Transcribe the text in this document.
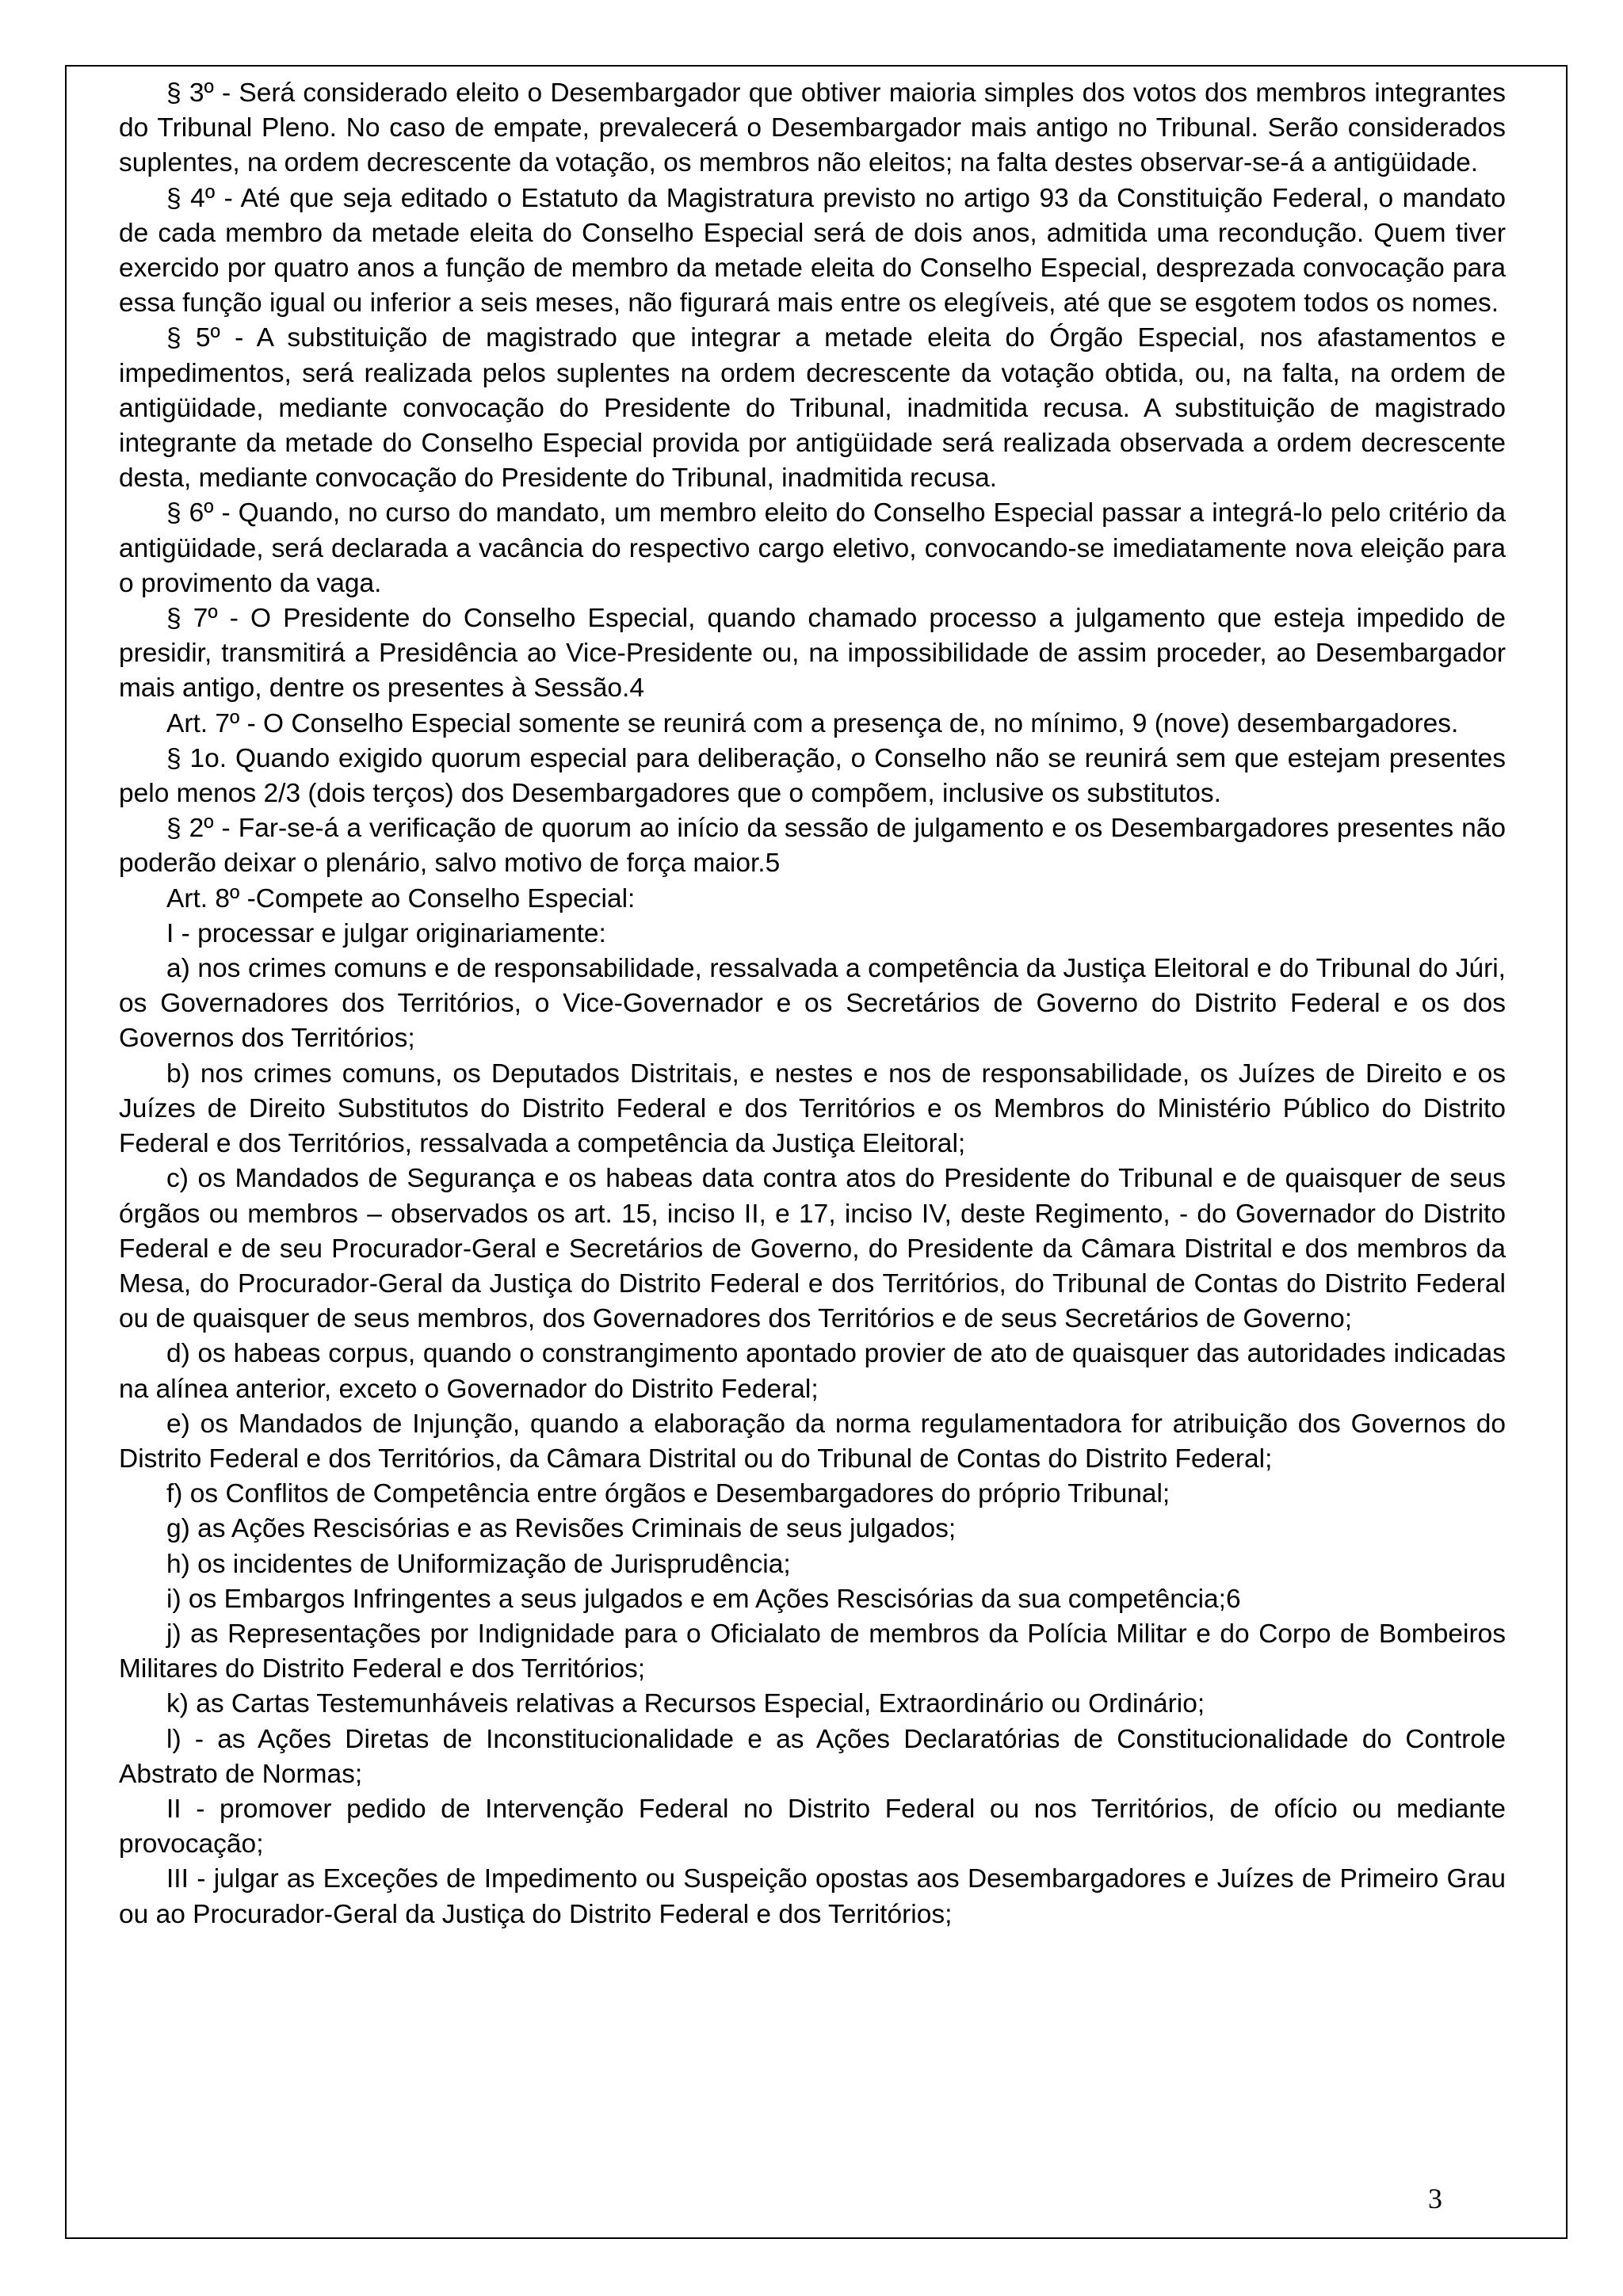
§ 3º - Será considerado eleito o Desembargador que obtiver maioria simples dos votos dos membros integrantes do Tribunal Pleno. No caso de empate, prevalecerá o Desembargador mais antigo no Tribunal. Serão considerados suplentes, na ordem decrescente da votação, os membros não eleitos; na falta destes observar-se-á a antigüidade.

§ 4º - Até que seja editado o Estatuto da Magistratura previsto no artigo 93 da Constituição Federal, o mandato de cada membro da metade eleita do Conselho Especial será de dois anos, admitida uma recondução. Quem tiver exercido por quatro anos a função de membro da metade eleita do Conselho Especial, desprezada convocação para essa função igual ou inferior a seis meses, não figurará mais entre os elegíveis, até que se esgotem todos os nomes.

§ 5º - A substituição de magistrado que integrar a metade eleita do Órgão Especial, nos afastamentos e impedimentos, será realizada pelos suplentes na ordem decrescente da votação obtida, ou, na falta, na ordem de antigüidade, mediante convocação do Presidente do Tribunal, inadmitida recusa. A substituição de magistrado integrante da metade do Conselho Especial provida por antigüidade será realizada observada a ordem decrescente desta, mediante convocação do Presidente do Tribunal, inadmitida recusa.

§ 6º - Quando, no curso do mandato, um membro eleito do Conselho Especial passar a integrá-lo pelo critério da antigüidade, será declarada a vacância do respectivo cargo eletivo, convocando-se imediatamente nova eleição para o provimento da vaga.

§ 7º - O Presidente do Conselho Especial, quando chamado processo a julgamento que esteja impedido de presidir, transmitirá a Presidência ao Vice-Presidente ou, na impossibilidade de assim proceder, ao Desembargador mais antigo, dentre os presentes à Sessão.4

Art. 7º - O Conselho Especial somente se reunirá com a presença de, no mínimo, 9 (nove) desembargadores.

§ 1o. Quando exigido quorum especial para deliberação, o Conselho não se reunirá sem que estejam presentes pelo menos 2/3 (dois terços) dos Desembargadores que o compõem, inclusive os substitutos.

§ 2º - Far-se-á a verificação de quorum ao início da sessão de julgamento e os Desembargadores presentes não poderão deixar o plenário, salvo motivo de força maior.5

Art. 8º -Compete ao Conselho Especial:

I - processar e julgar originariamente:

a) nos crimes comuns e de responsabilidade, ressalvada a competência da Justiça Eleitoral e do Tribunal do Júri, os Governadores dos Territórios, o Vice-Governador e os Secretários de Governo do Distrito Federal e os dos Governos dos Territórios;

b) nos crimes comuns, os Deputados Distritais, e nestes e nos de responsabilidade, os Juízes de Direito e os Juízes de Direito Substitutos do Distrito Federal e dos Territórios e os Membros do Ministério Público do Distrito Federal e dos Territórios, ressalvada a competência da Justiça Eleitoral;

c) os Mandados de Segurança e os habeas data contra atos do Presidente do Tribunal e de quaisquer de seus órgãos ou membros – observados os art. 15, inciso II, e 17, inciso IV, deste Regimento, - do Governador do Distrito Federal e de seu Procurador-Geral e Secretários de Governo, do Presidente da Câmara Distrital e dos membros da Mesa, do Procurador-Geral da Justiça do Distrito Federal e dos Territórios, do Tribunal de Contas do Distrito Federal ou de quaisquer de seus membros, dos Governadores dos Territórios e de seus Secretários de Governo;

d) os habeas corpus, quando o constrangimento apontado provier de ato de quaisquer das autoridades indicadas na alínea anterior, exceto o Governador do Distrito Federal;

e) os Mandados de Injunção, quando a elaboração da norma regulamentadora for atribuição dos Governos do Distrito Federal e dos Territórios, da Câmara Distrital ou do Tribunal de Contas do Distrito Federal;

f) os Conflitos de Competência entre órgãos e Desembargadores do próprio Tribunal;

g) as Ações Rescisórias e as Revisões Criminais de seus julgados;

h) os incidentes de Uniformização de Jurisprudência;

i) os Embargos Infringentes a seus julgados e em Ações Rescisórias da sua competência;6

j) as Representações por Indignidade para o Oficialato de membros da Polícia Militar e do Corpo de Bombeiros Militares do Distrito Federal e dos Territórios;

k) as Cartas Testemunháveis relativas a Recursos Especial, Extraordinário ou Ordinário;

l) - as Ações Diretas de Inconstitucionalidade e as Ações Declaratórias de Constitucionalidade do Controle Abstrato de Normas;

II - promover pedido de Intervenção Federal no Distrito Federal ou nos Territórios, de ofício ou mediante provocação;

III - julgar as Exceções de Impedimento ou Suspeição opostas aos Desembargadores e Juízes de Primeiro Grau ou ao Procurador-Geral da Justiça do Distrito Federal e dos Territórios;

3
